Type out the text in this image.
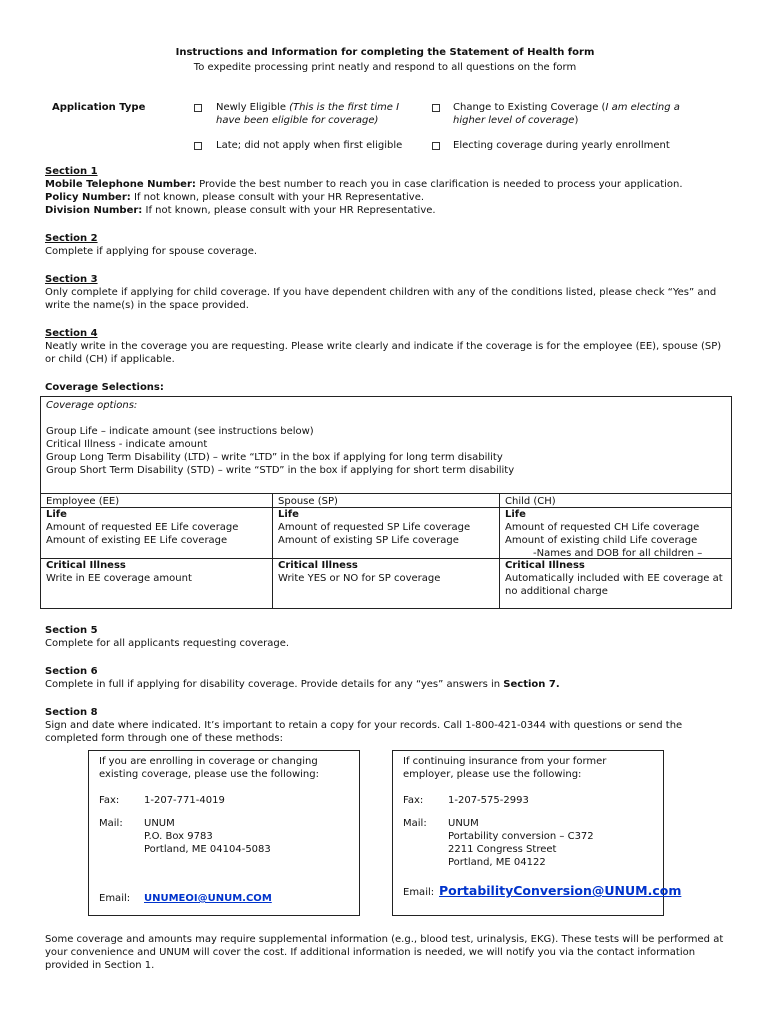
Instructions and Information for completing the Statement of Health form
To expedite processing print neatly and respond to all questions on the form
Application Type	Newly Eligible (This is the first time I have been eligible for coverage)
Change to Existing Coverage (I am electing a higher level of coverage)
Late; did not apply when first eligible	Electing coverage during yearly enrollment

Section 1

Mobile Telephone Number: Provide the best number to reach you in case clarification is needed to process your application.

Policy Number: If not known, please consult with your HR Representative.

Division Number: If not known, please consult with your HR Representative.

Section 2

Complete if applying for spouse coverage.

Section 3

Only complete if applying for child coverage. If you have dependent children with any of the conditions listed, please check “Yes” and write the name(s) in the space provided.

Section 4

Neatly write in the coverage you are requesting. Please write clearly and indicate if the coverage is for the employee (EE), spouse (SP) or child (CH) if applicable.

Coverage Selections:
Coverage options:

Group Life – indicate amount (see instructions below)

Critical Illness - indicate amount

Group Long Term Disability (LTD) – write “LTD” in the box if applying for long term disability

Group Short Term Disability (STD) – write “STD” in the box if applying for short term disability

Employee (EE)

Life

Amount of requested EE Life coverage

Amount of existing EE Life coverage

Critical Illness

Write in EE coverage amount

Spouse (SP)

Life

Amount of requested SP Life coverage

Amount of existing SP Life coverage

Critical Illness

Write YES or NO for SP coverage

Child (CH)

Life

Amount of requested CH Life coverage

Amount of existing child Life coverage

-Names and DOB for all children –

Critical Illness

Automatically included with EE coverage at

no additional charge

Section 5

Complete for all applicants requesting coverage.

Section 6

Complete in full if applying for disability coverage. Provide details for any “yes” answers in Section 7.

Section 8

Sign and date where indicated. It’s important to retain a copy for your records. Call 1-800-421-0344 with questions or send the completed form through one of these methods:

If you are enrolling in coverage or changing existing coverage, please use the following:
Fax: 1-207-771-4019
Mail: UNUM

P.O. Box 9783

Portland, ME 04104-5083

Email: UNUMEOI@UNUM.COM
If continuing insurance from your former employer, please use the following:
Fax: 1-207-575-2993
Mail: UNUM

Portability conversion – C372

2211 Congress Street

Portland, ME 04122

Email: PortabilityConversion@UNUM.com
Some coverage and amounts may require supplemental information (e.g., blood test, urinalysis, EKG). These tests will be performed at your convenience and UNUM will cover the cost. If additional information is needed, we will notify you via the contact information provided in Section 1.
